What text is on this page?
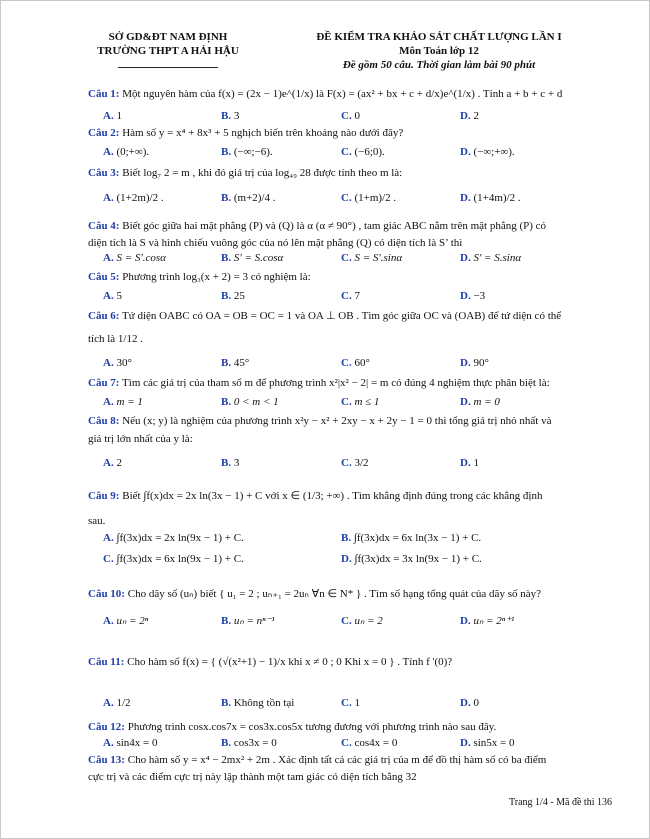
SỞ GD&ĐT NAM ĐỊNH
TRƯỜNG THPT A HẢI HẬU
ĐỀ KIỂM TRA KHẢO SÁT CHẤT LƯỢNG LẦN I
Môn Toán lớp 12
Đề gồm 50 câu. Thời gian làm bài 90 phút
Câu 1: Một nguyên hàm của f(x) = (2x − 1)e^(1/x) là F(x) = (ax² + bx + c + d/x)e^(1/x) . Tính a + b + c + d
A. 1	B. 3	C. 0	D. 2
Câu 2: Hàm số y = x⁴ + 8x³ + 5 nghịch biến trên khoảng nào dưới đây?
A. (0;+∞).	B. (−∞;−6).	C. (−6;0).	D. (−∞;+∞).
Câu 3: Biết log₇ 2 = m , khi đó giá trị của log₄₉ 28 được tính theo m là:
A. (1+2m)/2 .	B. (m+2)/4 .	C. (1+m)/2 .	D. (1+4m)/2 .
Câu 4: Biết góc giữa hai mặt phẳng (P) và (Q) là α (α ≠ 90°) , tam giác ABC nằm trên mặt phẳng (P) có
diện tích là S và hình chiếu vuông góc của nó lên mặt phẳng (Q) có diện tích là S’ thì
A. S = S'.cosα	B. S' = S.cosα	C. S = S'.sinα	D. S' = S.sinα
Câu 5: Phương trình log₃(x + 2) = 3 có nghiệm là:
A. 5	B. 25	C. 7	D. −3
Câu 6: Tứ diện OABC có OA = OB = OC = 1 và OA ⊥ OB . Tìm góc giữa OC và (OAB) để tứ diện có thể
tích là 1/12 .
A. 30°	B. 45°	C. 60°	D. 90°
Câu 7: Tìm các giá trị của tham số m để phương trình x²|x² − 2| = m có đúng 4 nghiệm thực phân biệt là:
A. m = 1	B. 0 < m < 1	C. m ≤ 1	D. m = 0
Câu 8: Nếu (x; y) là nghiệm của phương trình x²y − x² + 2xy − x + 2y − 1 = 0 thì tổng giá trị nhỏ nhất và
giá trị lớn nhất của y là:
A. 2	B. 3	C. 3/2	D. 1
Câu 9: Biết ∫f(x)dx = 2x ln(3x − 1) + C với x ∈ (1/3; +∞) . Tìm khẳng định đúng trong các khẳng định
sau.
A. ∫f(3x)dx = 2x ln(9x − 1) + C.	B. ∫f(3x)dx = 6x ln(3x − 1) + C.
C. ∫f(3x)dx = 6x ln(9x − 1) + C.	D. ∫f(3x)dx = 3x ln(9x − 1) + C.
Câu 10: Cho dãy số (uₙ) biết { u₁ = 2 ; uₙ₊₁ = 2uₙ ∀n ∈ N* } . Tìm số hạng tổng quát của dãy số này?
A. uₙ = 2ⁿ	B. uₙ = nⁿ⁻¹	C. uₙ = 2	D. uₙ = 2ⁿ⁺¹
Câu 11: Cho hàm số f(x) = { (√(x²+1) − 1)/x khi x ≠ 0 ; 0 Khi x = 0 } . Tính f '(0)?
A. 1/2	B. Không tồn tại	C. 1	D. 0
Câu 12: Phương trình cosx.cos7x = cos3x.cos5x tương đương với phương trình nào sau đây.
A. sin4x = 0	B. cos3x = 0	C. cos4x = 0	D. sin5x = 0
Câu 13: Cho hàm số y = x⁴ − 2mx² + 2m . Xác định tất cả các giá trị của m để đồ thị hàm số có ba điểm
cực trị và các điểm cực trị này lập thành một tam giác có diện tích bằng 32
Trang 1/4 - Mã đề thi 136
